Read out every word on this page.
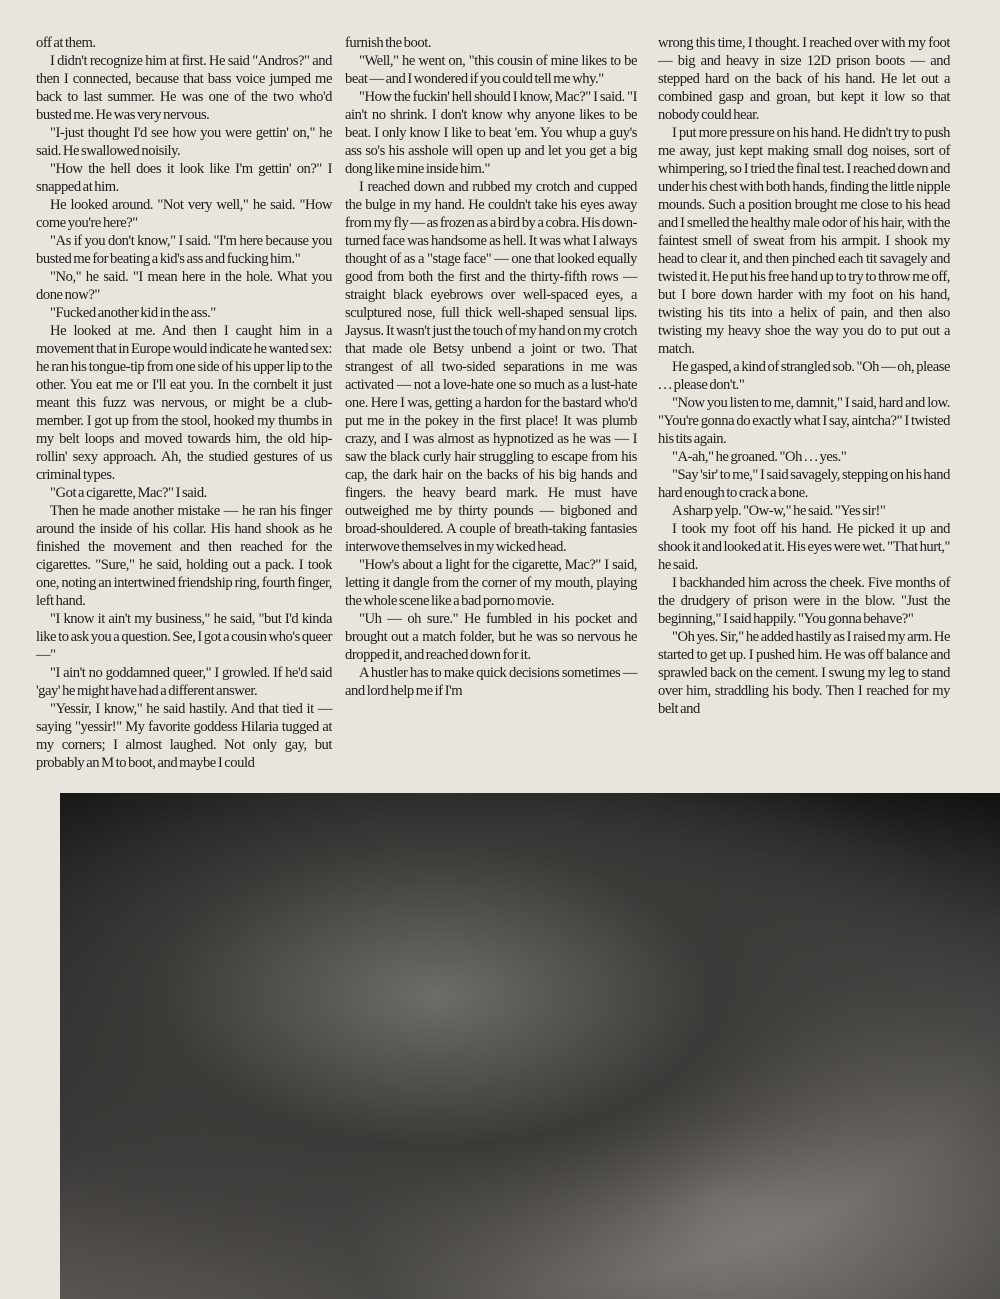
off at them.

I didn't recognize him at first. He said "Andros?" and then I connected, because that bass voice jumped me back to last summer. He was one of the two who'd busted me. He was very nervous.

"I-just thought I'd see how you were gettin' on," he said. He swallowed noisily.

"How the hell does it look like I'm gettin' on?" I snapped at him.

He looked around. "Not very well," he said. "How come you're here?"

"As if you don't know," I said. "I'm here because you busted me for beating a kid's ass and fucking him."

"No," he said. "I mean here in the hole. What you done now?"

"Fucked another kid in the ass."

He looked at me. And then I caught him in a movement that in Europe would indicate he wanted sex: he ran his tongue-tip from one side of his upper lip to the other. You eat me or I'll eat you. In the cornbelt it just meant this fuzz was nervous, or might be a club-member. I got up from the stool, hooked my thumbs in my belt loops and moved towards him, the old hip-rollin' sexy approach. Ah, the studied gestures of us criminal types.

"Got a cigarette, Mac?" I said.

Then he made another mistake — he ran his finger around the inside of his collar. His hand shook as he finished the movement and then reached for the cigarettes. "Sure," he said, holding out a pack. I took one, noting an intertwined friendship ring, fourth finger, left hand.

"I know it ain't my business," he said, "but I'd kinda like to ask you a question. See, I got a cousin who's queer —"

"I ain't no goddamned queer," I growled. If he'd said 'gay' he might have had a different answer.

"Yessir, I know," he said hastily. And that tied it — saying "yessir!" My favorite goddess Hilaria tugged at my corners; I almost laughed. Not only gay, but probably an M to boot, and maybe I could

furnish the boot.

"Well," he went on, "this cousin of mine likes to be beat — and I wondered if you could tell me why."

"How the fuckin' hell should I know, Mac?" I said. "I ain't no shrink. I don't know why anyone likes to be beat. I only know I like to beat 'em. You whup a guy's ass so's his asshole will open up and let you get a big dong like mine inside him."

I reached down and rubbed my crotch and cupped the bulge in my hand. He couldn't take his eyes away from my fly — as frozen as a bird by a cobra. His down-turned face was handsome as hell. It was what I always thought of as a "stage face" — one that looked equally good from both the first and the thirty-fifth rows — straight black eyebrows over well-spaced eyes, a sculptured nose, full thick well-shaped sensual lips. Jaysus. It wasn't just the touch of my hand on my crotch that made ole Betsy unbend a joint or two. That strangest of all two-sided separations in me was activated — not a love-hate one so much as a lust-hate one. Here I was, getting a hardon for the bastard who'd put me in the pokey in the first place! It was plumb crazy, and I was almost as hypnotized as he was — I saw the black curly hair struggling to escape from his cap, the dark hair on the backs of his big hands and fingers. the heavy beard mark. He must have outweighed me by thirty pounds — bigboned and broad-shouldered. A couple of breath-taking fantasies interwove themselves in my wicked head.

"How's about a light for the cigarette, Mac?" I said, letting it dangle from the corner of my mouth, playing the whole scene like a bad porno movie.

"Uh — oh sure." He fumbled in his pocket and brought out a match folder, but he was so nervous he dropped it, and reached down for it.

A hustler has to make quick decisions sometimes — and lord help me if I'm

wrong this time, I thought. I reached over with my foot — big and heavy in size 12D prison boots — and stepped hard on the back of his hand. He let out a combined gasp and groan, but kept it low so that nobody could hear.

I put more pressure on his hand. He didn't try to push me away, just kept making small dog noises, sort of whimpering, so I tried the final test. I reached down and under his chest with both hands, finding the little nipple mounds. Such a position brought me close to his head and I smelled the healthy male odor of his hair, with the faintest smell of sweat from his armpit. I shook my head to clear it, and then pinched each tit savagely and twisted it. He put his free hand up to try to throw me off, but I bore down harder with my foot on his hand, twisting his tits into a helix of pain, and then also twisting my heavy shoe the way you do to put out a match.

He gasped, a kind of strangled sob. "Oh — oh, please . . . please don't."

"Now you listen to me, damnit," I said, hard and low. "You're gonna do exactly what I say, aintcha?" I twisted his tits again.

"A-ah," he groaned. "Oh . . . yes."

"Say 'sir' to me," I said savagely, stepping on his hand hard enough to crack a bone.

A sharp yelp. "Ow-w," he said. "Yes sir!"

I took my foot off his hand. He picked it up and shook it and looked at it. His eyes were wet. "That hurt," he said.

I backhanded him across the cheek. Five months of the drudgery of prison were in the blow. "Just the beginning," I said happily. "You gonna behave?"

"Oh yes. Sir," he added hastily as I raised my arm. He started to get up. I pushed him. He was off balance and sprawled back on the cement. I swung my leg to stand over him, straddling his body. Then I reached for my belt and
